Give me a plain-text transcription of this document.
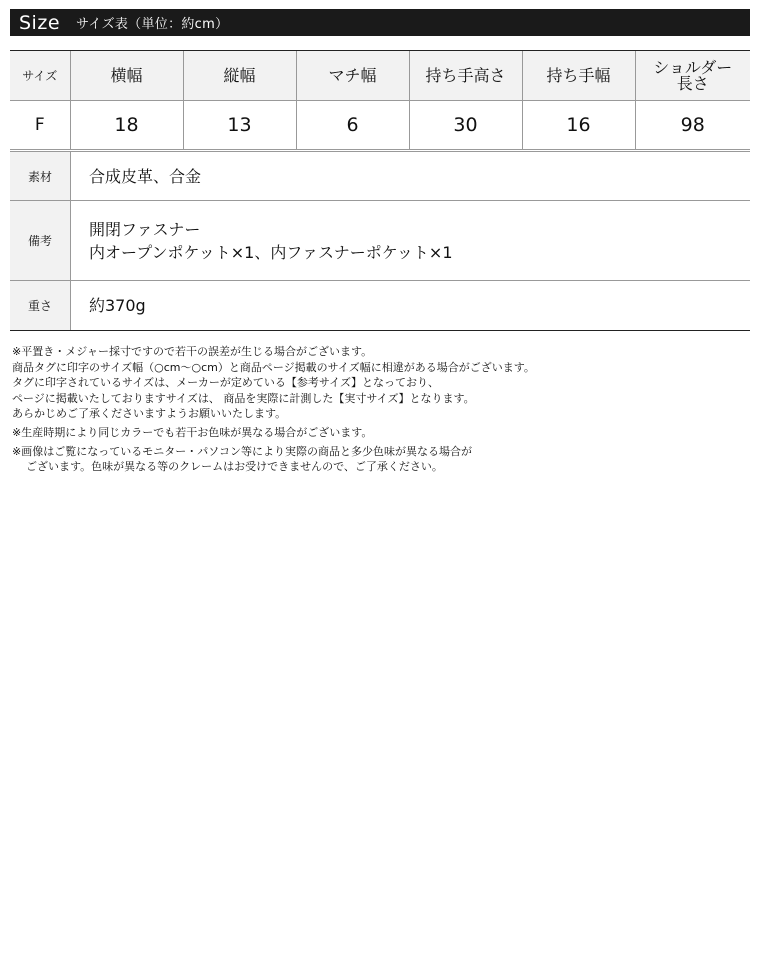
Size サイズ表（単位：約cm）
サイズ	横幅	縦幅	マチ幅	持ち手高さ	持ち手幅	ショルダー
長さ
F	18	13	6	30	16	98
素材	合成皮革、合金
備考	開閉ファスナー
内オープンポケット×1、内ファスナーポケット×1

重さ	約370g
※平置き・メジャー採寸ですので若干の誤差が生じる場合がございます。
商品タグに印字のサイズ幅（○cm～○cm）と商品ページ掲載のサイズ幅に相違がある場合がございます。
タグに印字されているサイズは、メーカーが定めている【参考サイズ】となっており、
ページに掲載いたしておりますサイズは、 商品を実際に計測した【実寸サイズ】となります。
あらかじめご了承くださいますようお願いいたします。
※生産時期により同じカラーでも若干お色味が異なる場合がございます。
※画像はご覧になっているモニター・パソコン等により実際の商品と多少色味が異なる場合が
ございます。色味が異なる等のクレームはお受けできませんので、ご了承ください。
